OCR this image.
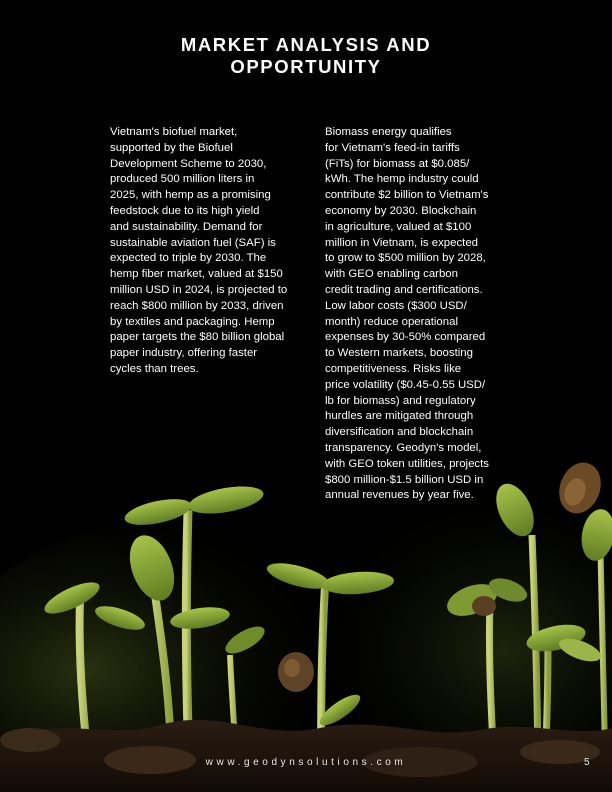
MARKET ANALYSIS AND
OPPORTUNITY

Vietnam's biofuel market,
supported by the Biofuel
Development Scheme to 2030,
produced 500 million liters in
2025, with hemp as a promising
feedstock due to its high yield
and sustainability. Demand for
sustainable aviation fuel (SAF) is
expected to triple by 2030. The
hemp fiber market, valued at $150
million USD in 2024, is projected to
reach $800 million by 2033, driven
by textiles and packaging. Hemp
paper targets the $80 billion global
paper industry, offering faster
cycles than trees.

Biomass energy qualifies
for Vietnam's feed-in tariffs
(FiTs) for biomass at $0.085/
kWh. The hemp industry could
contribute $2 billion to Vietnam's
economy by 2030. Blockchain
in agriculture, valued at $100
million in Vietnam, is expected
to grow to $500 million by 2028,
with GEO enabling carbon
credit trading and certifications.
Low labor costs ($300 USD/
month) reduce operational
expenses by 30-50% compared
to Western markets, boosting
competitiveness. Risks like
price volatility ($0.45-0.55 USD/
lb for biomass) and regulatory
hurdles are mitigated through
diversification and blockchain
transparency. Geodyn's model,
with GEO token utilities, projects
$800 million-$1.5 billion USD in
annual revenues by year five.

www.geodynsolutions.com	5
